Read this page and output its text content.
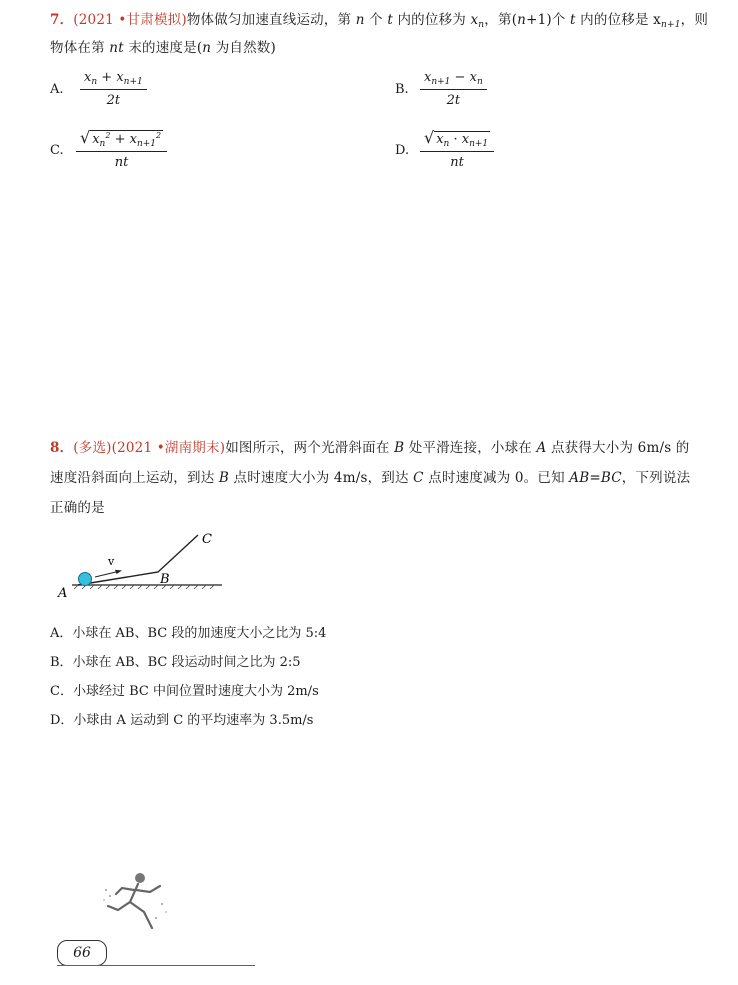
7．(2021 •甘肃模拟)物体做匀加速直线运动，第 n 个 t 内的位移为 $x_n$，第(n+1)个 t 内的位移是 $x_{n+1}$，则
物体在第 nt 末的速度是(n 为自然数)
A. $\frac{x_n + x_{n+1}}{2t}$	B. $\frac{x_{n+1} - x_n}{2t}$
C. $\frac{√ x_n^2 + x_{n+1}^2}{nt}$	D. $\frac{√ x_n \cdot x_{n+1}}{nt}$
8．(多选)(2021 •湖南期末)如图所示，两个光滑斜面在 B 处平滑连接，小球在 A 点获得大小为 6m/s 的
速度沿斜面向上运动，到达 B 点时速度大小为 4m/s，到达 C 点时速度减为 0。已知 AB=BC，下列说法
正确的是
v
A
B
C
A．小球在 AB、BC 段的加速度大小之比为 5:4
B．小球在 AB、BC 段运动时间之比为 2:5
C．小球经过 BC 中间位置时速度大小为 2m/s
D．小球由 A 运动到 C 的平均速率为 3.5m/s
66
